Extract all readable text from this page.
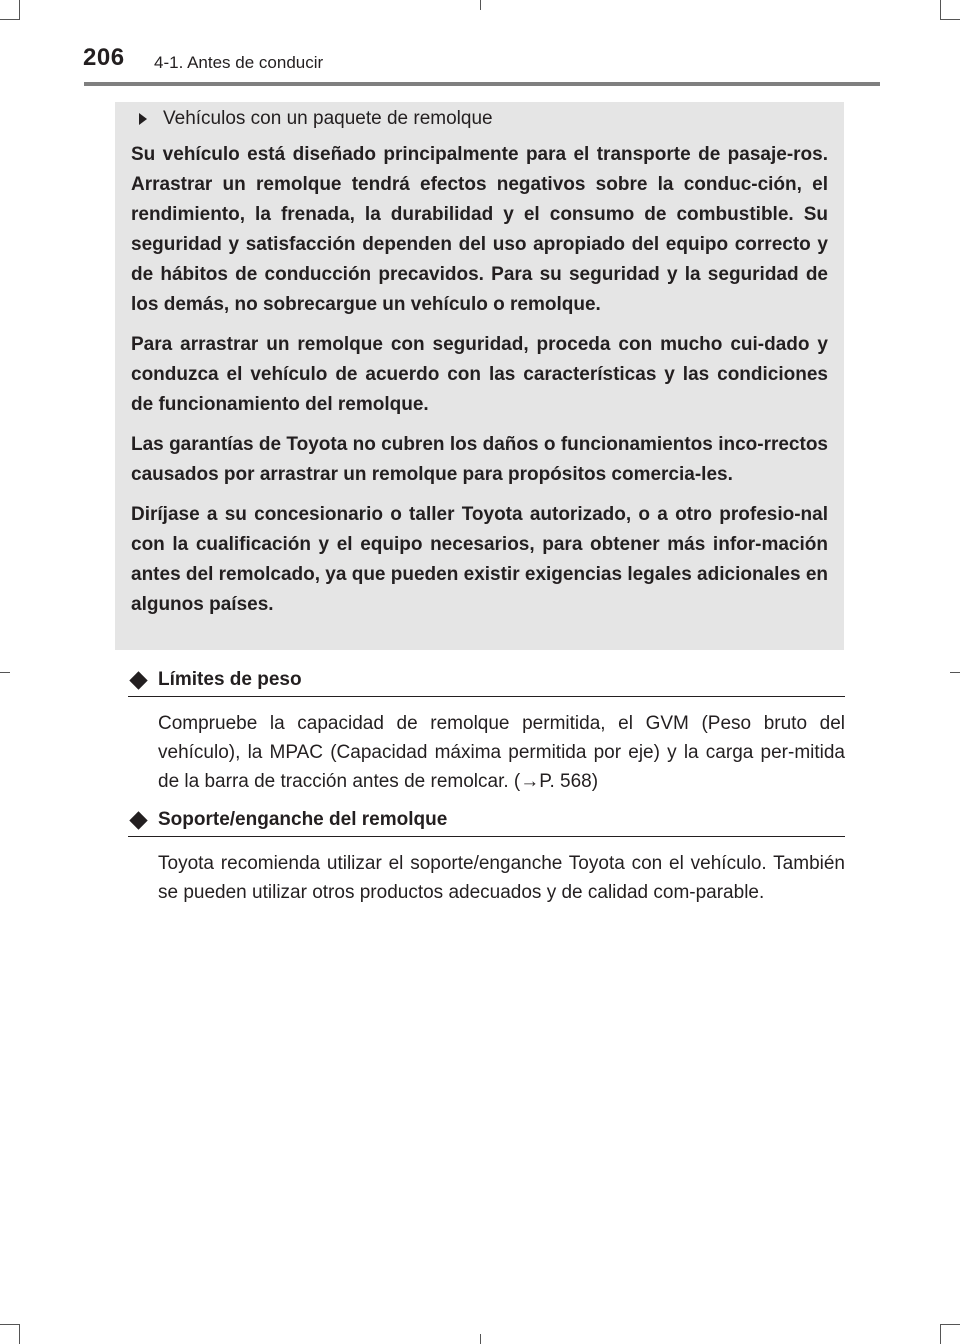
206 4-1. Antes de conducir
Vehículos con un paquete de remolque

Su vehículo está diseñado principalmente para el transporte de pasaje-ros. Arrastrar un remolque tendrá efectos negativos sobre la conduc-ción, el rendimiento, la frenada, la durabilidad y el consumo de combustible. Su seguridad y satisfacción dependen del uso apropiado del equipo correcto y de hábitos de conducción precavidos. Para su seguridad y la seguridad de los demás, no sobrecargue un vehículo o remolque.

Para arrastrar un remolque con seguridad, proceda con mucho cui-dado y conduzca el vehículo de acuerdo con las características y las condiciones de funcionamiento del remolque.

Las garantías de Toyota no cubren los daños o funcionamientos inco-rrectos causados por arrastrar un remolque para propósitos comercia-les.

Diríjase a su concesionario o taller Toyota autorizado, o a otro profesio-nal con la cualificación y el equipo necesarios, para obtener más infor-mación antes del remolcado, ya que pueden existir exigencias legales adicionales en algunos países.

Límites de peso
Compruebe la capacidad de remolque permitida, el GVM (Peso bruto del vehículo), la MPAC (Capacidad máxima permitida por eje) y la carga per-mitida de la barra de tracción antes de remolcar. (→P. 568)
Soporte/enganche del remolque
Toyota recomienda utilizar el soporte/enganche Toyota con el vehículo. También se pueden utilizar otros productos adecuados y de calidad com-parable.
